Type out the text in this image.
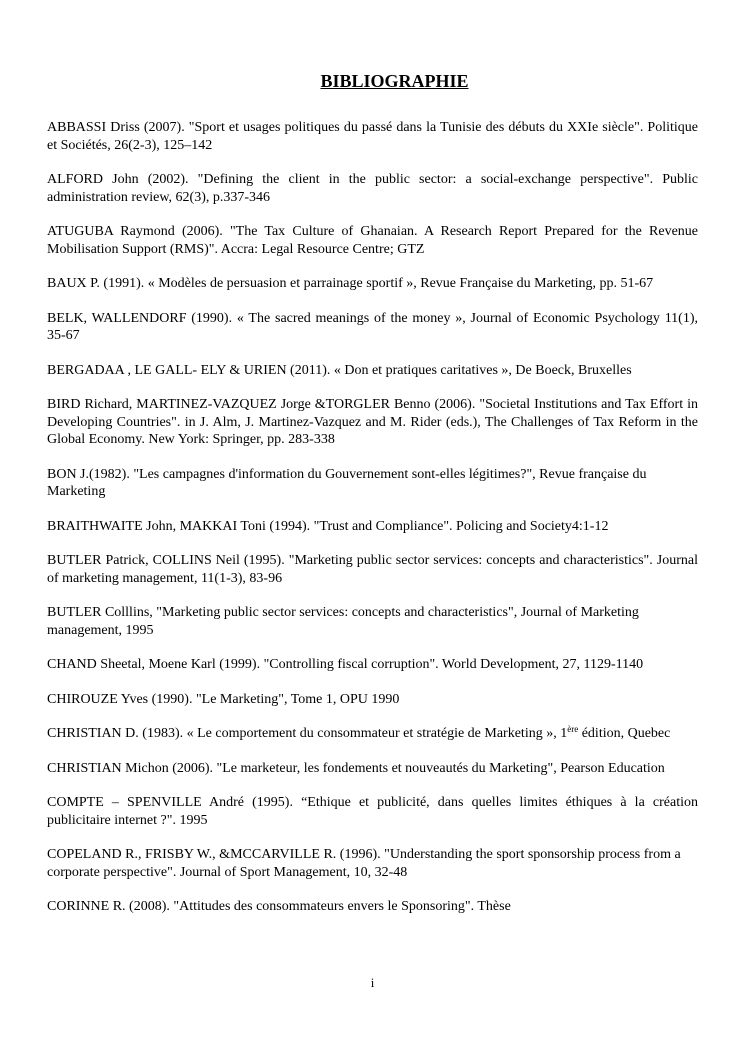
BIBLIOGRAPHIE

ABBASSI Driss (2007). "Sport et usages politiques du passé dans la Tunisie des débuts du XXIe siècle". Politique et Sociétés, 26(2-3), 125–142

ALFORD John (2002). "Defining the client in the public sector: a social-exchange perspective". Public administration review, 62(3), p.337-346

ATUGUBA Raymond (2006). "The Tax Culture of Ghanaian. A Research Report Prepared for the Revenue Mobilisation Support (RMS)". Accra: Legal Resource Centre; GTZ

BAUX P. (1991). « Modèles de persuasion et parrainage sportif », Revue Française du Marketing, pp. 51-67

BELK, WALLENDORF (1990). « The sacred meanings of the money », Journal of Economic Psychology 11(1), 35-67

BERGADAA , LE GALL- ELY & URIEN (2011). « Don et pratiques caritatives », De Boeck, Bruxelles

BIRD Richard, MARTINEZ-VAZQUEZ Jorge &TORGLER Benno (2006). "Societal Institutions and Tax Effort in Developing Countries". in J. Alm, J. Martinez-Vazquez and M. Rider (eds.), The Challenges of Tax Reform in the Global Economy. New York: Springer, pp. 283-338

BON J.(1982). "Les campagnes d'information du Gouvernement sont-elles légitimes?", Revue française du Marketing

BRAITHWAITE John, MAKKAI Toni (1994). "Trust and Compliance". Policing and Society4:1-12

BUTLER Patrick, COLLINS Neil (1995). "Marketing public sector services: concepts and characteristics". Journal of marketing management, 11(1-3), 83-96

BUTLER Colllins, "Marketing public sector services: concepts and characteristics", Journal of Marketing management, 1995

CHAND Sheetal, Moene Karl (1999). "Controlling fiscal corruption". World Development, 27, 1129-1140

CHIROUZE Yves (1990). "Le Marketing", Tome 1, OPU 1990

CHRISTIAN D. (1983). « Le comportement du consommateur et stratégie de Marketing », 1ère édition, Quebec

CHRISTIAN Michon (2006). "Le marketeur, les fondements et nouveautés du Marketing", Pearson Education

COMPTE – SPENVILLE André (1995). “Ethique et publicité, dans quelles limites éthiques à la création publicitaire internet ?". 1995

COPELAND R., FRISBY W., &MCCARVILLE R. (1996). "Understanding the sport sponsorship process from a corporate perspective". Journal of Sport Management, 10, 32-48

CORINNE R. (2008). "Attitudes des consommateurs envers le Sponsoring". Thèse

i
